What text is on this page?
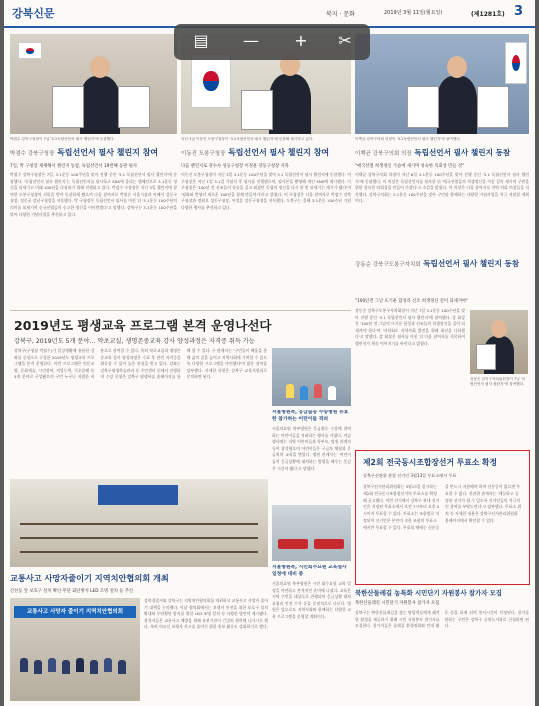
강북신문	북지 · 문화	2019년 3월 11일(월요일)	(제1281호) 3
박겸수 강북구청장이 7일 '3.1독립선언서 필사 챌린지'에 동참했다.	지난 3일 이동진 도봉구청장이 '3.1독립선언서 필사 챌린지'에 동참해 필사하고 있다.	이백균 강북구의회 의장이 '3.1독립선언서 필사 챌린지'에 참여했다.
박겸수 강북구청장 독립선언서 필사 챌린지 참여	이동진 도봉구청장 독립선언서 필사 챌린지 참여	이백균 강북구의회 의장 독립선언서 필사 챌린지 동참
7일, 박 구청장 제재해서 챌린지 동참, 독립선언서 19번째 동판 필사	다음 챌린지로 강수사 성동구청장 이정훈 강동구청장 지목	"애국선열 희생정신 가슴에 새기며 성숙한 의회상 만들 것"
박겸수 강북구청장은 7일, 3.1운동 100주년을 맞아 진행 중인 '3.1 독립선언서 필사 챌린지'에 동참했다. '독립선언서 필사 챌린지'는 독립선언서를 필사하고 SNS에 올리는 캠페인으로 3.1운동 정신을 되새기고 미래 100년을 다짐하기 위해 진행되고 있다. 박겸수 구청장은 지난 3일 챌린지에 참여한 도봉구청장의 지목을 받아 동참하게 됐으며 다음 참여자로 박원순 서울시장과 이해식 강동구청장, 정순균 강남구청장을 지목했다. 박 구청장은 독립선언서 필사를 마친 뒤 '3.1운동 100주년의 의미를 되새기며 순국선열들의 숭고한 정신을 이어받겠다'고 말했다. 강북구는 3.1운동 100주년을 맞아 다양한 기념사업을 추진하고 있다.
이동진 도봉구청장이 지난 3일 3.1운동 100주년을 맞아 3.1 독립선언서 필사 챌린지에 동참했다. 이 구청장은 지난 1일 3.1절 기념식 후 필사를 진행했으며, 필사본을 촬영해 개인 SNS에 게시했다. 이 구청장은 '100년 전 선조들이 목숨을 걸고 외쳤던 독립의 정신을 다시 한 번 되새기는 계기가 됐다'며 '평화와 번영의 새로운 100년을 함께 만들어가자'고 밝혔다. 이 구청장은 다음 참여자로 박겸수 강북구청장과 정원오 성동구청장, 이정훈 강동구청장을 지목했다. 도봉구는 올해 3.1운동 100주년 기념 다양한 행사를 추진하고 있다.
이백균 강북구의회 의장이 지난 6일 3.1운동 100주년을 맞아 진행 중인 '3.1 독립선언서 필사 챌린지'에 동참했다. 이 의장은 독립선언서를 필사한 뒤 '애국선열들의 희생정신을 가슴 깊이 새기며 구민을 위한 성숙한 의회상을 만들어 가겠다'고 소감을 밝혔다. 이 의장은 다음 참여자로 지역 의회 의장들을 지목했다. 강북구의회는 3.1운동 100주년을 맞아 구민과 함께하는 다양한 기념사업을 적극 지원할 계획이다.
강동순 강북구도봉구자치회 독립선언서 필사 챌린지 동참
"100년전 그날 뜨거운 함성과 신조 희생정신 깊이 되새겨야"
강동순 강북구도봉구자치회장이 지난 7일 3.1운동 100주년을 맞아 진행 중인 '3.1 독립선언서 필사 챌린지'에 참여했다. 강 회장은 '100년 전 그날의 뜨거운 함성과 선조들의 희생정신을 깊이 되새겨야 한다'며 '자치회도 지역사회 발전을 위해 최선을 다하겠다'고 말했다. 강 회장은 필사를 마친 뒤 다음 참여자를 지목하며 챌린지가 계속 이어지기를 바란다고 밝혔다.
강동순 강북구자치위원장이 7일 '독립선언서 필사 챌린지'에 참여했다.
2019년도 평생교육 프로그램 본격 운영나선다
강북구, 2019년도 5개 분야… 약초교실, 생명존중교육 강사 양성과정은 자격증 취득 가능
강북구(구청장 박겸수)가 일상생활에 유용한 강좌를 중심으로 구성한 2019년도 평생교육 프로그램을 본격 운영한다. 이번 프로그램은 인문교양, 문화예술, 시민참여, 직업능력, 기초문해 등 5개 분야로 구성됐으며 구민 누구나 저렴한 비용으로 참여할 수 있다. 특히 약초교실과 생명존중교육 강사 양성과정은 수료 후 관련 자격증을 취득할 수 있어 높은 관심을 받고 있다. 강좌는 강북구평생학습관과 동 주민센터 등에서 진행되며 수강 신청은 강북구 평생학습 홈페이지를 통해 할 수 있다. 구 관계자는 '구민들이 배움을 통해 삶의 질을 높이고 지역사회에 기여할 수 있도록 다양한 프로그램을 마련했다'며 많은 참여를 당부했다. 자세한 사항은 강북구 교육지원과로 문의하면 된다.
서울병원측, 응급출동 수송병원 유효한 참가하는 어린이들 격려
서울의료원 북부병원은 응급출동 수송에 참여하는 어린이들을 격려하는 행사를 가졌다. 이날 행사에는 지역 어린이들과 학부모, 병원 관계자 등이 참석했으며 어린이들은 구급차 체험과 응급처치 교육을 받았다. 병원 관계자는 '어린이들이 응급상황에 대처하는 방법을 배우는 뜻깊은 시간이 됐다'고 말했다.
서울병원측, 시민회수요원 교육설사일정에 대비 중
서울의료원 북부병원은 시민 회수요원 교육 일정을 마련하고 본격적인 준비에 나섰다. 교육은 지역 주민을 대상으로 진행되며 응급상황 대처 요령과 안전 수칙 등을 중점적으로 다룬다. 병원은 앞으로도 지역사회와 함께하는 다양한 교육 프로그램을 운영할 계획이다.
교통사고 사망자줄이기 지역치안협의회 개최
간선동 앞 보호구 설치 확인·무단 회단방지 LED 조명 설치 등 추진
교통사고 사망자 줄이기 지역치안협의회
강북경찰서와 강북구는 지역치안협의회를 개최하고 교통사고 사망자 줄이기 대책을 논의했다. 이날 협의회에서는 보행자 안전을 위한 보호구 설치 확대와 무단횡단 방지를 위한 LED 조명 설치 등 다양한 방안이 제시됐다. 참석자들은 교통사고 예방을 위해 유관기관이 긴밀히 협력해 나가기로 했다. 특히 어르신 보행자 사고를 줄이기 위한 홍보 활동도 강화하기로 했다.
제2회 전국동시조합장선거 투표소 확정
강북구선관위 관할 선거인 3월13일 투표소에서 투표
강북구선거관리위원회는 3월13일 실시하는 제2회 전국동시조합장선거의 투표소를 확정해 공고했다. 이번 선거에서 강북구 관내 선거인은 지정된 투표소에서 오전 7시부터 오후 5시까지 투표할 수 있다. 투표소는 조합별로 지정되며 선거인은 본인이 속한 조합의 투표소에서만 투표할 수 있다. 투표할 때에는 신분증을 반드시 지참해야 하며 신분증이 없으면 투표할 수 없다. 선관위 관계자는 '깨끗하고 공정한 선거가 될 수 있도록 선거인들의 적극적인 참여를 부탁드린다'고 당부했다. 투표소 위치 등 자세한 내용은 강북구선거관리위원회 홈페이지에서 확인할 수 있다.
북한산둘레길 농특화 시민단기 자원봉사 참가자 모집
북한산둘레길 시민단기 자원봉사 참가자 모집
강북구는 북한산둘레길을 찾는 탐방객들에게 쾌적한 환경을 제공하기 위해 시민 자원봉사 참가자를 모집한다. 참가자들은 둘레길 환경정화와 안내 활동 등을 하게 되며 봉사시간이 인정된다. 참가를 원하는 구민은 강북구 공원녹지과로 신청하면 된다.
▤ — + ✂
